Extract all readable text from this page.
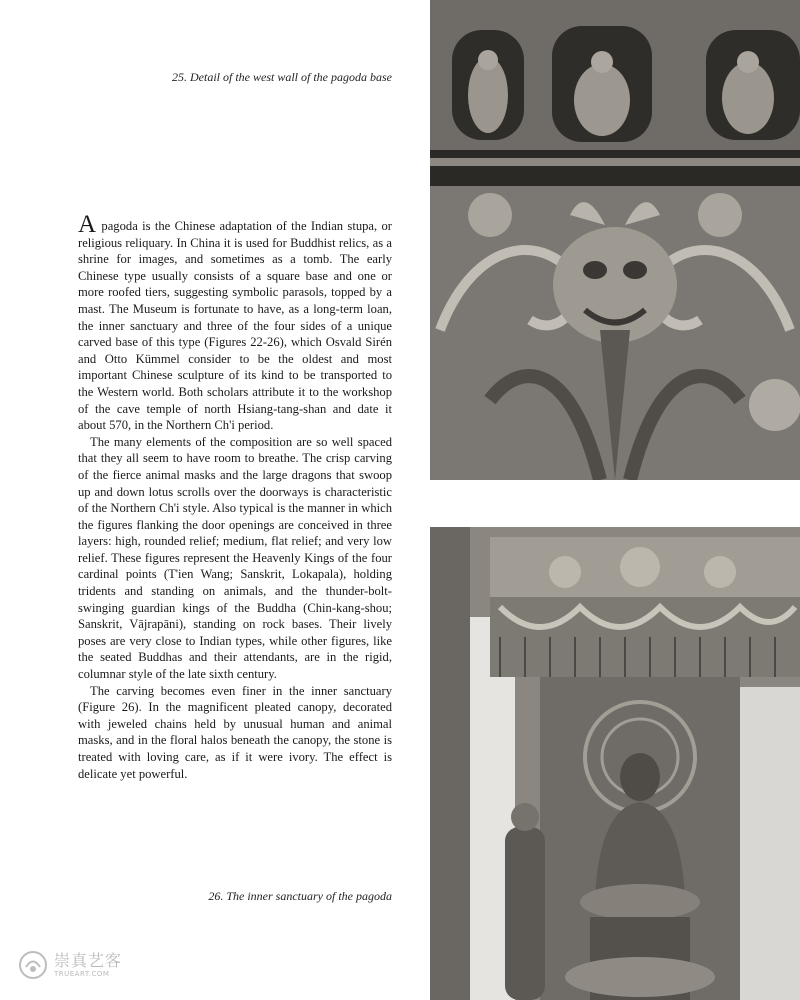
25. Detail of the west wall of the pagoda base

A pagoda is the Chinese adaptation of the Indian stupa, or religious reliquary. In China it is used for Buddhist relics, as a shrine for images, and sometimes as a tomb. The early Chinese type usually consists of a square base and one or more roofed tiers, suggesting symbolic parasols, topped by a mast. The Museum is fortunate to have, as a long-term loan, the inner sanctuary and three of the four sides of a unique carved base of this type (Figures 22-26), which Osvald Sirén and Otto Kümmel consider to be the oldest and most important Chinese sculpture of its kind to be transported to the Western world. Both scholars attribute it to the workshop of the cave temple of north Hsiang-tang-shan and date it about 570, in the Northern Ch'i period.

The many elements of the composition are so well spaced that they all seem to have room to breathe. The crisp carving of the fierce animal masks and the large dragons that swoop up and down lotus scrolls over the doorways is characteristic of the Northern Ch'i style. Also typical is the manner in which the figures flanking the door openings are conceived in three layers: high, rounded relief; medium, flat relief; and very low relief. These figures represent the Heavenly Kings of the four cardinal points (T'ien Wang; Sanskrit, Lokapala), holding tridents and standing on animals, and the thunder-bolt-swinging guardian kings of the Buddha (Chin-kang-shou; Sanskrit, Vājrapāni), standing on rock bases. Their lively poses are very close to Indian types, while other figures, like the seated Buddhas and their attendants, are in the rigid, columnar style of the late sixth century.

The carving becomes even finer in the inner sanctuary (Figure 26). In the magnificent pleated canopy, decorated with jeweled chains held by unusual human and animal masks, and in the floral halos beneath the canopy, the stone is treated with loving care, as if it were ivory. The effect is delicate yet powerful.

26. The inner sanctuary of the pagoda

崇真艺客
TRUEART.COM
